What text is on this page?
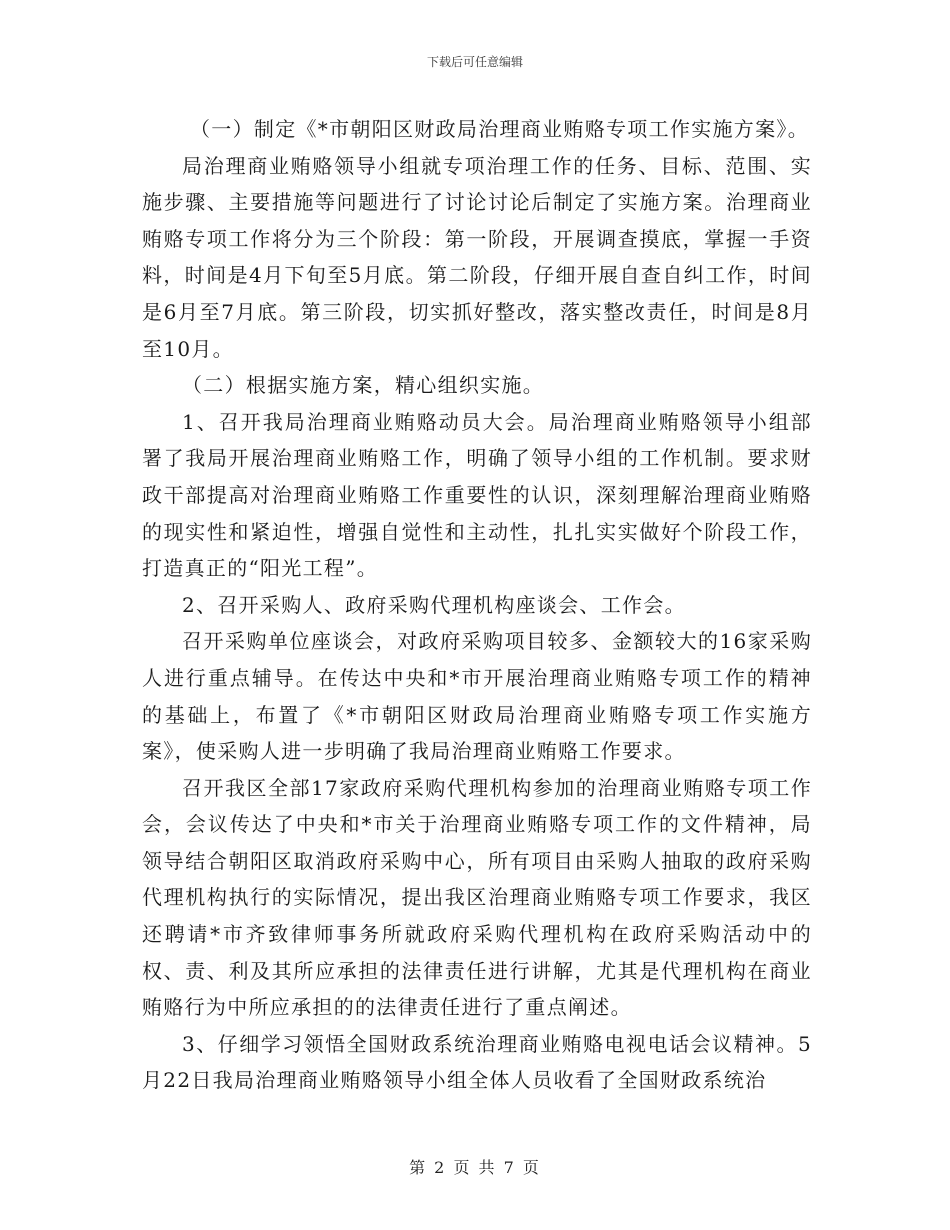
下载后可任意编辑

（一）制定《*市朝阳区财政局治理商业贿赂专项工作实施方案》。

局治理商业贿赂领导小组就专项治理工作的任务、目标、范围、实施步骤、主要措施等问题进行了讨论讨论后制定了实施方案。治理商业贿赂专项工作将分为三个阶段：第一阶段，开展调查摸底，掌握一手资料，时间是4月下旬至5月底。第二阶段，仔细开展自查自纠工作，时间是6月至7月底。第三阶段，切实抓好整改，落实整改责任，时间是8月至10月。

（二）根据实施方案，精心组织实施。

1、召开我局治理商业贿赂动员大会。局治理商业贿赂领导小组部署了我局开展治理商业贿赂工作，明确了领导小组的工作机制。要求财政干部提高对治理商业贿赂工作重要性的认识，深刻理解治理商业贿赂的现实性和紧迫性，增强自觉性和主动性，扎扎实实做好个阶段工作，打造真正的“阳光工程”。

2、召开采购人、政府采购代理机构座谈会、工作会。

召开采购单位座谈会，对政府采购项目较多、金额较大的16家采购人进行重点辅导。在传达中央和*市开展治理商业贿赂专项工作的精神的基础上，布置了《*市朝阳区财政局治理商业贿赂专项工作实施方案》，使采购人进一步明确了我局治理商业贿赂工作要求。

召开我区全部17家政府采购代理机构参加的治理商业贿赂专项工作会，会议传达了中央和*市关于治理商业贿赂专项工作的文件精神，局领导结合朝阳区取消政府采购中心，所有项目由采购人抽取的政府采购代理机构执行的实际情况，提出我区治理商业贿赂专项工作要求，我区还聘请*市齐致律师事务所就政府采购代理机构在政府采购活动中的权、责、利及其所应承担的法律责任进行讲解，尤其是代理机构在商业贿赂行为中所应承担的的法律责任进行了重点阐述。

3、仔细学习领悟全国财政系统治理商业贿赂电视电话会议精神。5月22日我局治理商业贿赂领导小组全体人员收看了全国财政系统治

第 2 页 共 7 页
